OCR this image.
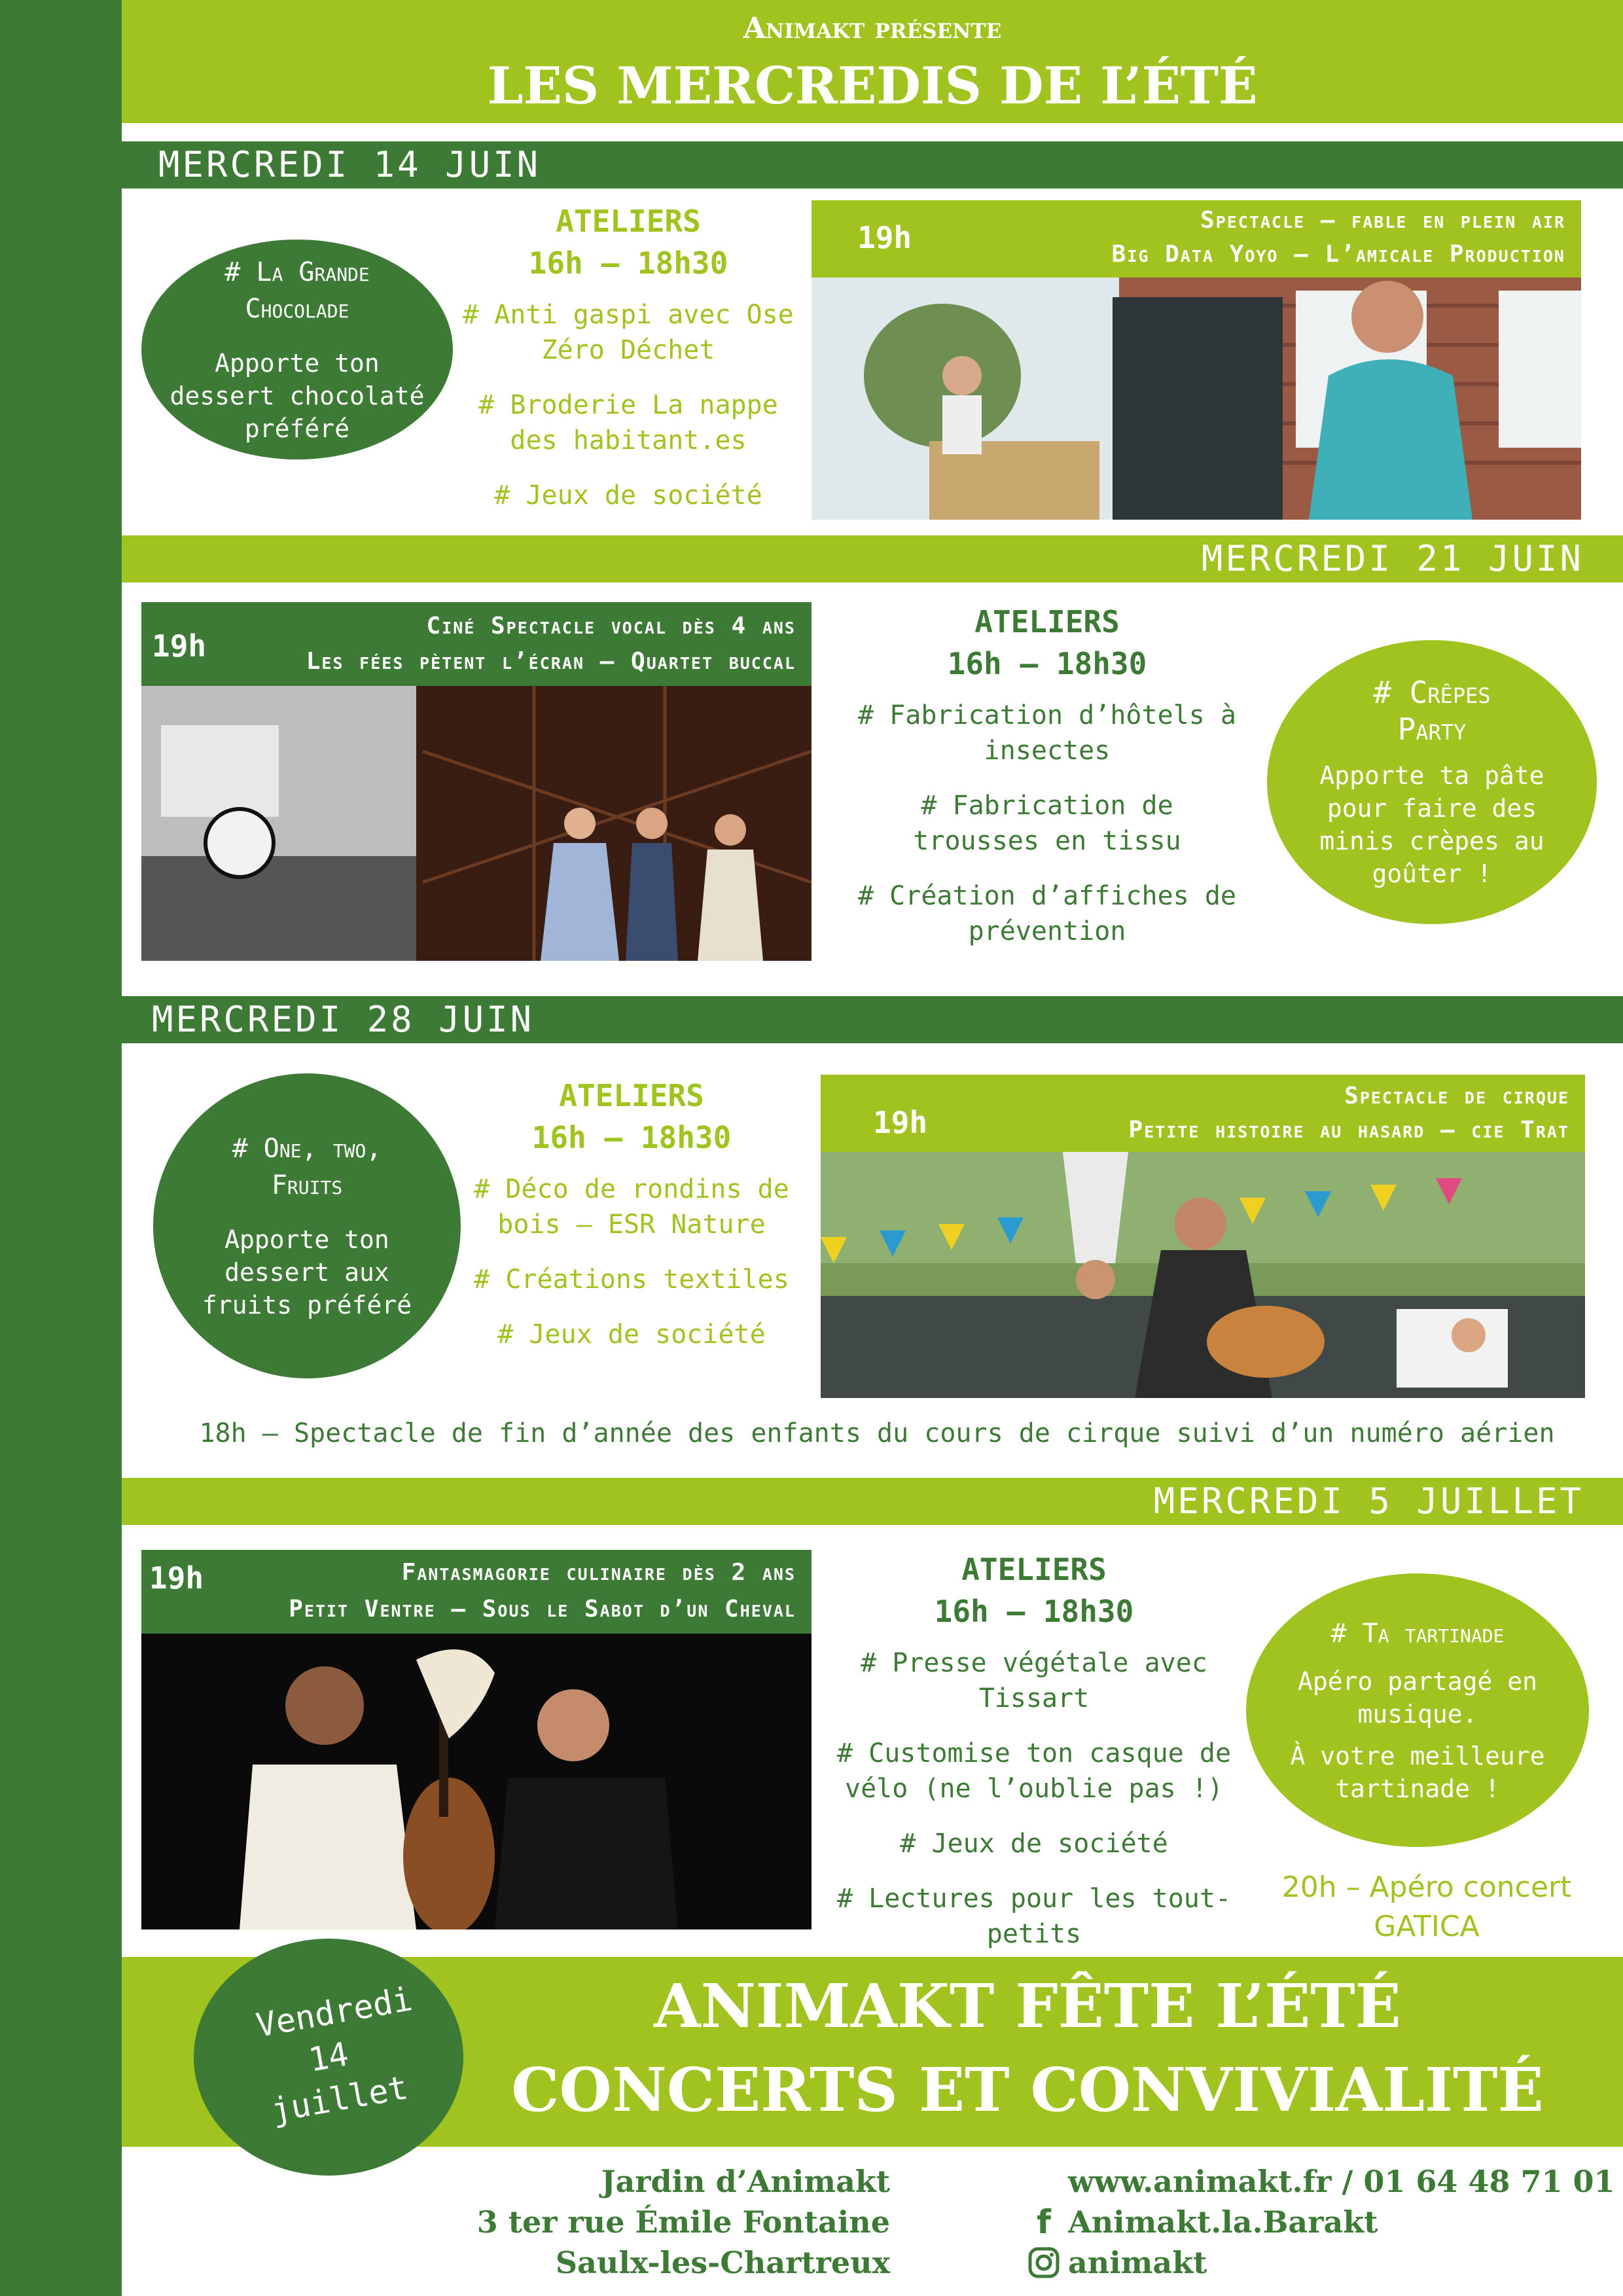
Animakt présente
LES MERCREDIS DE L’ÉTÉ
MERCREDI 14 JUIN
# La Grande Chocolade
Apporte ton dessert chocolaté préféré
ATELIERS
16h – 18h30
# Anti gaspi avec Ose Zéro Déchet
# Broderie La nappe des habitant.es
# Jeux de société
19h	Spectacle – fable en plein air
Big Data Yoyo – L’amicale Production
MERCREDI 21 JUIN
19h
Ciné Spectacle vocal dès 4 ans
Les fées pètent l’écran – Quartet buccal
ATELIERS
16h – 18h30
# Fabrication d’hôtels à insectes
# Fabrication de trousses en tissu
# Création d’affiches de prévention
# Crêpes Party
Apporte ta pâte pour faire des minis crèpes au goûter !
MERCREDI 28 JUIN
# One, two, Fruits
Apporte ton dessert aux fruits préféré
ATELIERS
16h – 18h30
# Déco de rondins de bois – ESR Nature
# Créations textiles
# Jeux de société
19h
Spectacle de cirque
Petite histoire au hasard – cie Trat
18h – Spectacle de fin d’année des enfants du cours de cirque suivi d’un numéro aérien
MERCREDI 5 JUILLET
19h	Fantasmagorie culinaire dès 2 ans
Petit Ventre – Sous le Sabot d’un Cheval
ATELIERS
16h – 18h30
# Presse végétale avec Tissart
# Customise ton casque de vélo (ne l’oublie pas !)
# Jeux de société
# Lectures pour les tout-petits
# Ta tartinade
Apéro partagé en musique.
À votre meilleure tartinade !
20h – Apéro concert
GATICA
Vendredi 14 juillet
ANIMAKT FÊTE L’ÉTÉ
CONCERTS ET CONVIVIALITÉ
Jardin d’Animakt
3 ter rue Émile Fontaine
Saulx-les-Chartreux
www.animakt.fr / 01 64 48 71 01
f Animakt.la.Barakt
animakt
